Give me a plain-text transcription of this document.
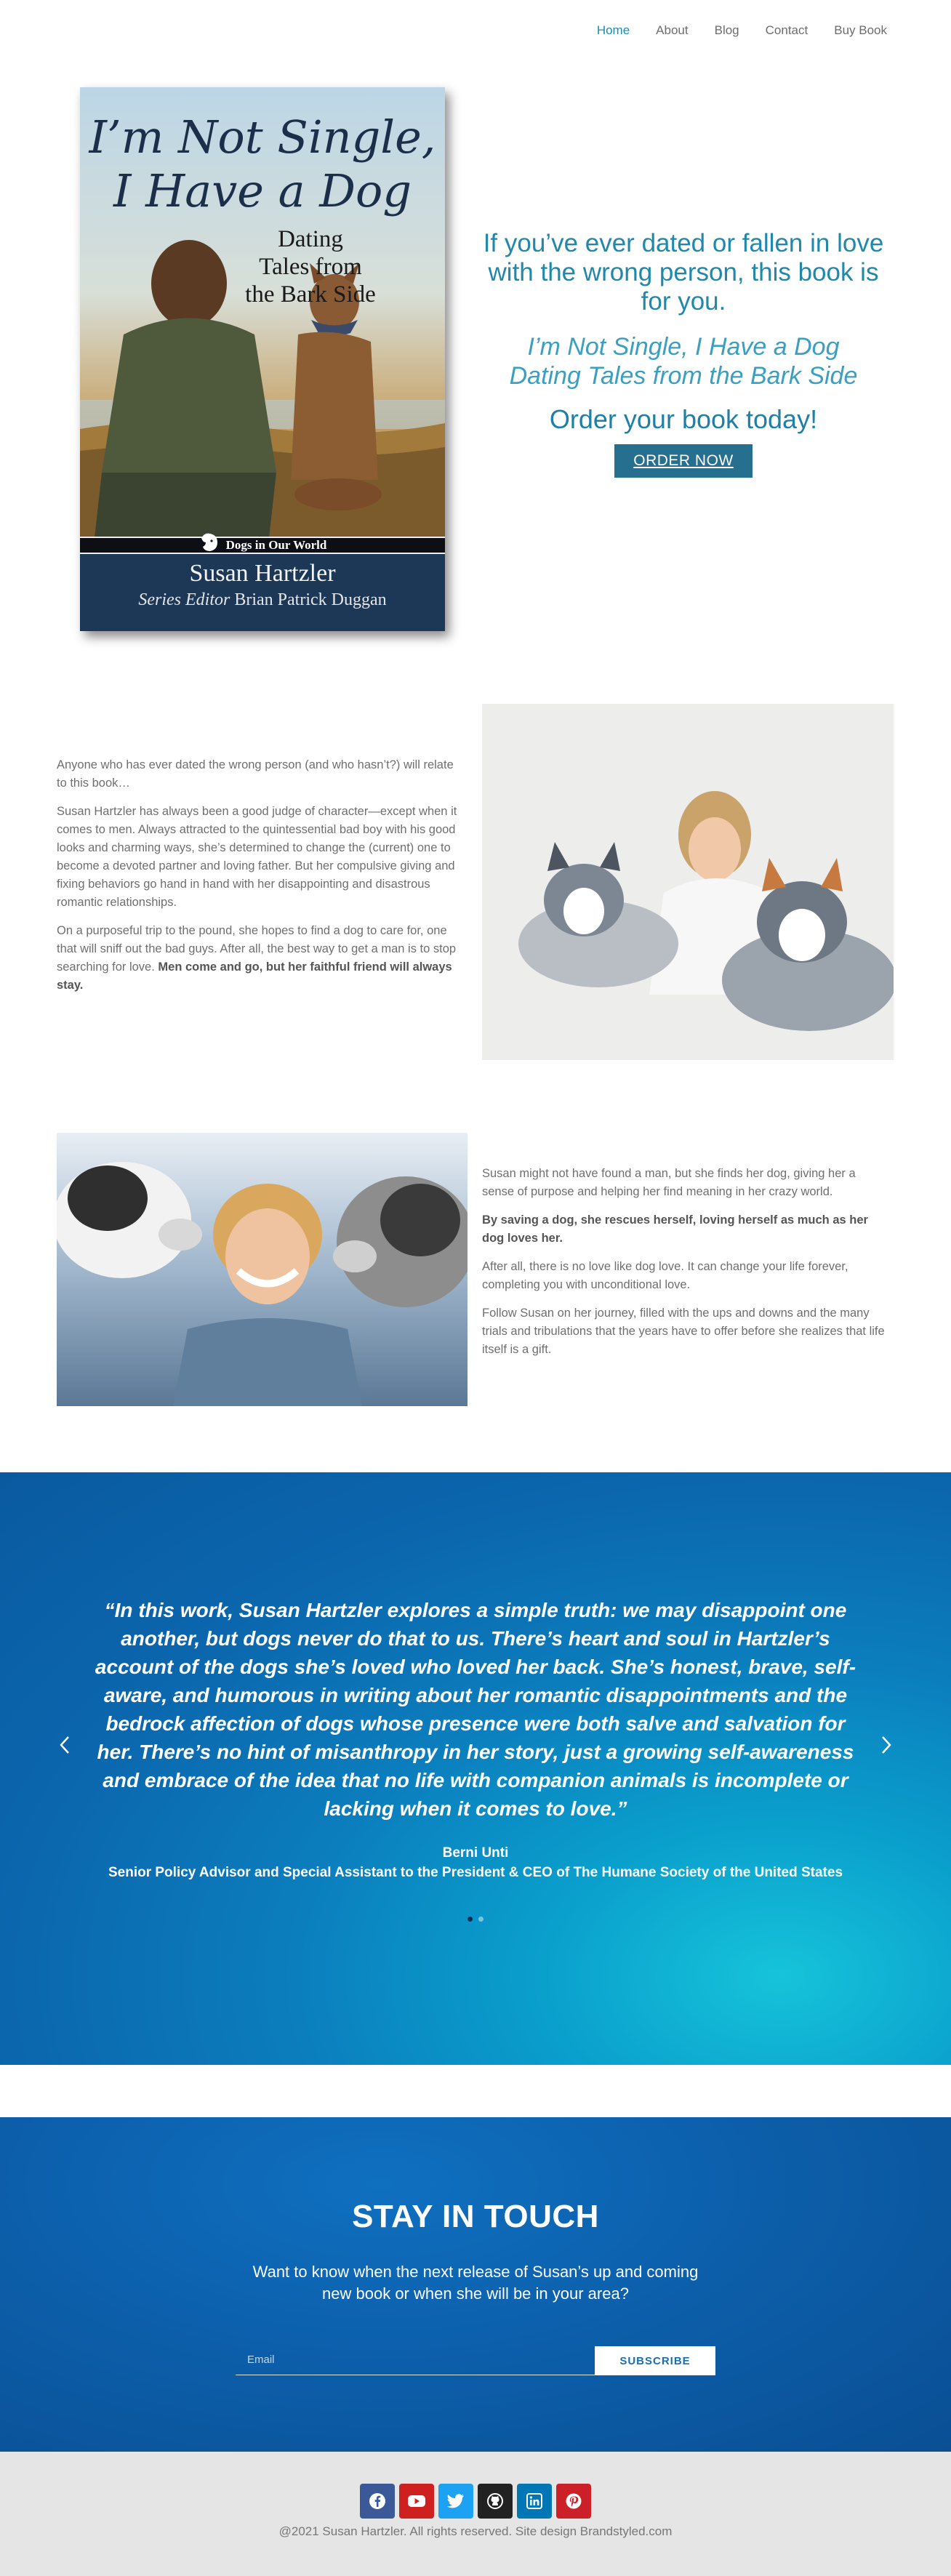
Home About Blog Contact Buy Book
I’m Not Single,
I Have a Dog
Dating
Tales from
the Bark Side
Dogs in Our World
Susan Hartzler
Series Editor Brian Patrick Duggan
If you’ve ever dated or fallen in love with the wrong person, this book is for you.
I’m Not Single, I Have a Dog
Dating Tales from the Bark Side
Order your book today!
ORDER NOW

Anyone who has ever dated the wrong person (and who hasn’t?) will relate to this book…

Susan Hartzler has always been a good judge of character—except when it comes to men. Always attracted to the quintessential bad boy with his good looks and charming ways, she’s determined to change the (current) one to become a devoted partner and loving father. But her compulsive giving and fixing behaviors go hand in hand with her disappointing and disastrous romantic relationships.

On a purposeful trip to the pound, she hopes to find a dog to care for, one that will sniff out the bad guys. After all, the best way to get a man is to stop searching for love. Men come and go, but her faithful friend will always stay.

Susan might not have found a man, but she finds her dog, giving her a sense of purpose and helping her find meaning in her crazy world.

By saving a dog, she rescues herself, loving herself as much as her dog loves her.

After all, there is no love like dog love. It can change your life forever, completing you with unconditional love.

Follow Susan on her journey, filled with the ups and downs and the many trials and tribulations that the years have to offer before she realizes that life itself is a gift.

“In this work, Susan Hartzler explores a simple truth: we may disappoint one another, but dogs never do that to us. There’s heart and soul in Hartzler’s account of the dogs she’s loved who loved her back. She’s honest, brave, self-aware, and humorous in writing about her romantic disappointments and the bedrock affection of dogs whose presence were both salve and salvation for her. There’s no hint of misanthropy in her story, just a growing self-awareness and embrace of the idea that no life with companion animals is incomplete or lacking when it comes to love.”
Berni Unti
Senior Policy Advisor and Special Assistant to the President & CEO of The Humane Society of the United States
STAY IN TOUCH
Want to know when the next release of Susan’s up and coming new book or when she will be in your area?
Email
SUBSCRIBE
@2021 Susan Hartzler. All rights reserved. Site design Brandstyled.com
